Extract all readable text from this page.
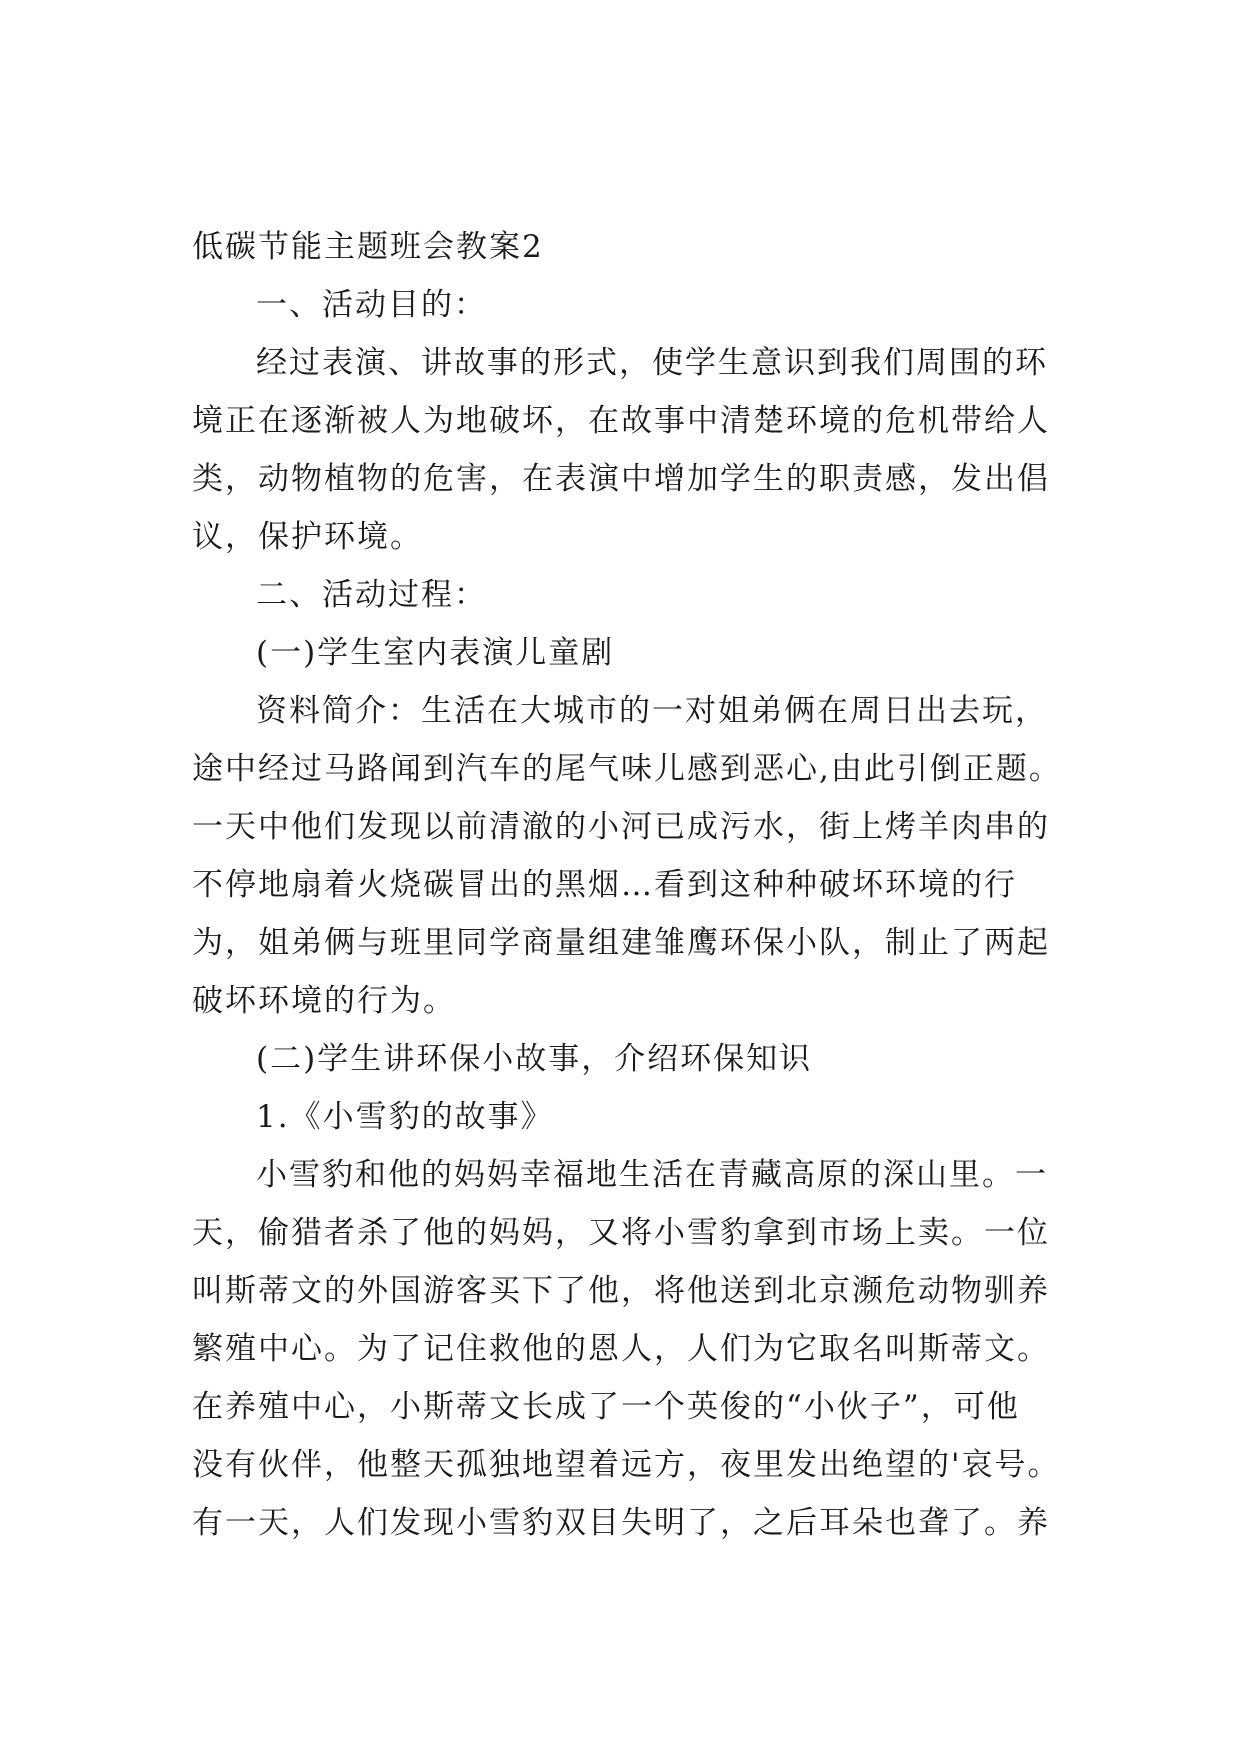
低碳节能主题班会教案2
一、活动目的：
经过表演、讲故事的形式，使学生意识到我们周围的环
境正在逐渐被人为地破坏，在故事中清楚环境的危机带给人
类，动物植物的危害，在表演中增加学生的职责感，发出倡
议，保护环境。
二、活动过程：
(一)学生室内表演儿童剧
资料简介：生活在大城市的一对姐弟俩在周日出去玩，
途中经过马路闻到汽车的尾气味儿感到恶心,由此引倒正题。
一天中他们发现以前清澈的小河已成污水，街上烤羊肉串的
不停地扇着火烧碳冒出的黑烟…看到这种种破坏环境的行
为，姐弟俩与班里同学商量组建雏鹰环保小队，制止了两起
破坏环境的行为。
(二)学生讲环保小故事，介绍环保知识
1.《小雪豹的故事》
小雪豹和他的妈妈幸福地生活在青藏高原的深山里。一
天，偷猎者杀了他的妈妈，又将小雪豹拿到市场上卖。一位
叫斯蒂文的外国游客买下了他，将他送到北京濒危动物驯养
繁殖中心。为了记住救他的恩人，人们为它取名叫斯蒂文。
在养殖中心，小斯蒂文长成了一个英俊的“小伙子”，可他
没有伙伴，他整天孤独地望着远方，夜里发出绝望的'哀号。
有一天，人们发现小雪豹双目失明了，之后耳朵也聋了。养
